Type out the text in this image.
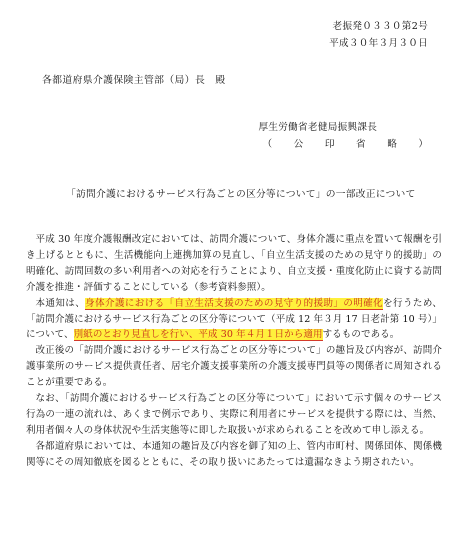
老振発０３３０第2号
平成３０年３月３０日
各都道府県介護保険主管部（局）長　殿
厚生労働省老健局振興課長
（　公　印　省　略　）
「訪問介護におけるサービス行為ごとの区分等について」の一部改正について

平成 30 年度介護報酬改定においては、訪問介護について、身体介護に重点を置いて報酬を引き上げるとともに、生活機能向上連携加算の見直し、「自立生活支援のための見守り的援助」の明確化、訪問回数の多い利用者への対応を行うことにより、自立支援・重度化防止に資する訪問介護を推進・評価することにしている（参考資料参照）。

本通知は、身体介護における「自立生活支援のための見守り的援助」の明確化を行うため、「訪問介護におけるサービス行為ごとの区分等について（平成 12 年３月 17 日老計第 10 号）」について、別紙のとおり見直しを行い、平成 30 年４月１日から適用するものである。

改正後の「訪問介護におけるサービス行為ごとの区分等について」の趣旨及び内容が、訪問介護事業所のサービス提供責任者、居宅介護支援事業所の介護支援専門員等の関係者に周知されることが重要である。

なお、「訪問介護におけるサービス行為ごとの区分等について」において示す個々のサービス行為の一連の流れは、あくまで例示であり、実際に利用者にサービスを提供する際には、当然、利用者個々人の身体状況や生活実態等に即した取扱いが求められることを改めて申し添える。

各都道府県においては、本通知の趣旨及び内容を御了知の上、管内市町村、関係団体、関係機関等にその周知徹底を図るとともに、その取り扱いにあたっては遺漏なきよう期されたい。
